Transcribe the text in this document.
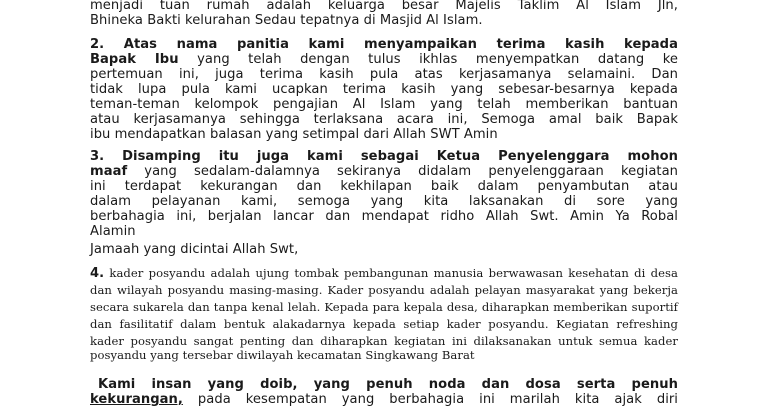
menjadi tuan rumah adalah keluarga besar Majelis Taklim Al Islam Jln,
Bhineka Bakti kelurahan Sedau tepatnya di Masjid Al Islam.
2. Atas nama panitia kami menyampaikan terima kasih kepada
Bapak Ibu yang telah dengan tulus ikhlas menyempatkan datang ke
pertemuan ini, juga terima kasih pula atas kerjasamanya selamaini. Dan
tidak lupa pula kami ucapkan terima kasih yang sebesar-besarnya kepada
teman-teman kelompok pengajian Al Islam yang telah memberikan bantuan
atau kerjasamanya sehingga terlaksana acara ini, Semoga amal baik Bapak
ibu mendapatkan balasan yang setimpal dari Allah SWT Amin
3. Disamping itu juga kami sebagai Ketua Penyelenggara mohon
maaf yang sedalam-dalamnya sekiranya didalam penyelenggaraan kegiatan
ini terdapat kekurangan dan kekhilapan baik dalam penyambutan atau
dalam pelayanan kami, semoga yang kita laksanakan di sore yang
berbahagia ini, berjalan lancar dan mendapat ridho Allah Swt. Amin Ya Robal
Alamin
Jamaah yang dicintai Allah Swt,
4. kader posyandu adalah ujung tombak pembangunan manusia berwawasan kesehatan di desa
dan wilayah posyandu masing-masing. Kader posyandu adalah pelayan masyarakat yang bekerja
secara sukarela dan tanpa kenal lelah. Kepada para kepala desa, diharapkan memberikan suportif
dan fasilitatif dalam bentuk alakadarnya kepada setiap kader posyandu. Kegiatan refreshing
kader posyandu sangat penting dan diharapkan kegiatan ini dilaksanakan untuk semua kader
posyandu yang tersebar diwilayah kecamatan Singkawang Barat
Kami insan yang doib, yang penuh noda dan dosa serta penuh
kekurangan, pada kesempatan yang berbahagia ini marilah kita ajak diri
